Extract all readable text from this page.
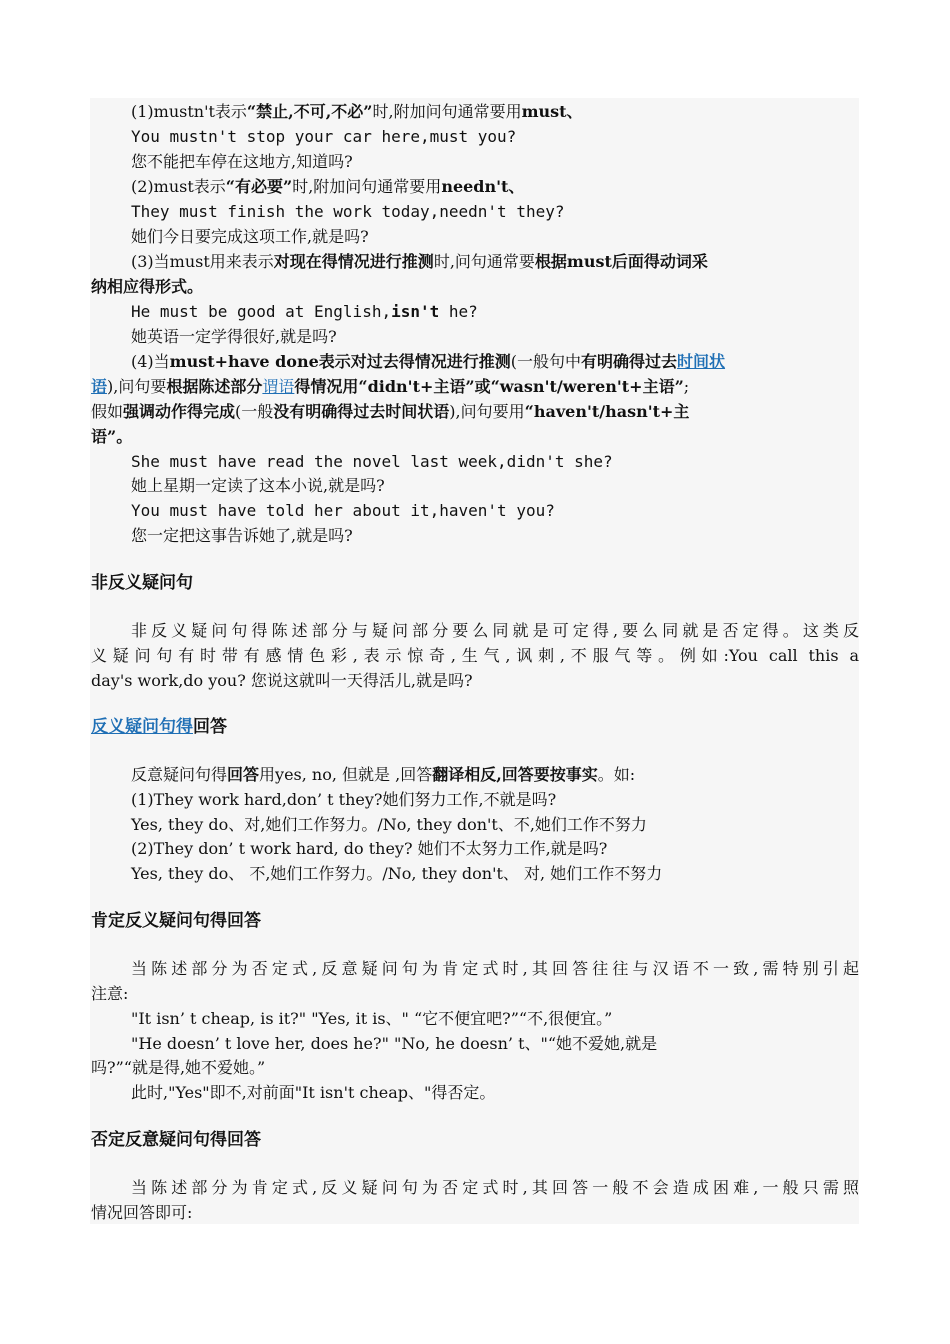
(1)mustn't表示“禁止,不可,不必”时,附加问句通常要用must、
You mustn't stop your car here,must you?
您不能把车停在这地方,知道吗?
(2)must表示“有必要”时,附加问句通常要用needn't、
They must finish the work today,needn't they?
她们今日要完成这项工作,就是吗?
(3)当must用来表示对现在得情况进行推测时,问句通常要根据must后面得动词采
纳相应得形式。
He must be good at English,isn't he?
她英语一定学得很好,就是吗?
(4)当must+have done表示对过去得情况进行推测(一般句中有明确得过去时间状
语),问句要根据陈述部分谓语得情况用“didn't+主语”或“wasn't/weren't+主语”;
假如强调动作得完成(一般没有明确得过去时间状语),问句要用“haven't/hasn't+主
语”。
She must have read the novel last week,didn't she?
她上星期一定读了这本小说,就是吗?
You must have told her about it,haven't you?
您一定把这事告诉她了,就是吗?
非反义疑问句
非反义疑问句得陈述部分与疑问部分要么同就是可定得,要么同就是否定得。这类反
义疑问句有时带有感情色彩,表示惊奇,生气,讽刺,不服气等。例如:You call this a
day's work,do you? 您说这就叫一天得活儿,就是吗?
反义疑问句得回答
反意疑问句得回答用yes, no, 但就是 ,回答翻译相反,回答要按事实。如:
(1)They work hard,don’ t they?她们努力工作,不就是吗?
Yes, they do、对,她们工作努力。/No, they don't、不,她们工作不努力
(2)They don’ t work hard, do they? 她们不太努力工作,就是吗?
Yes, they do、 不,她们工作努力。/No, they don't、 对, 她们工作不努力
肯定反义疑问句得回答
当陈述部分为否定式,反意疑问句为肯定式时,其回答往往与汉语不一致,需特别引起
注意:
"It isn’ t cheap, is it?" "Yes, it is、" “它不便宜吧?”“不,很便宜。”
"He doesn’ t love her, does he?" "No, he doesn’ t、"“她不爱她,就是
吗?”“就是得,她不爱她。”
此时,"Yes"即不,对前面"It isn't cheap、"得否定。
否定反意疑问句得回答
当陈述部分为肯定式,反义疑问句为否定式时,其回答一般不会造成困难,一般只需照
情况回答即可:
